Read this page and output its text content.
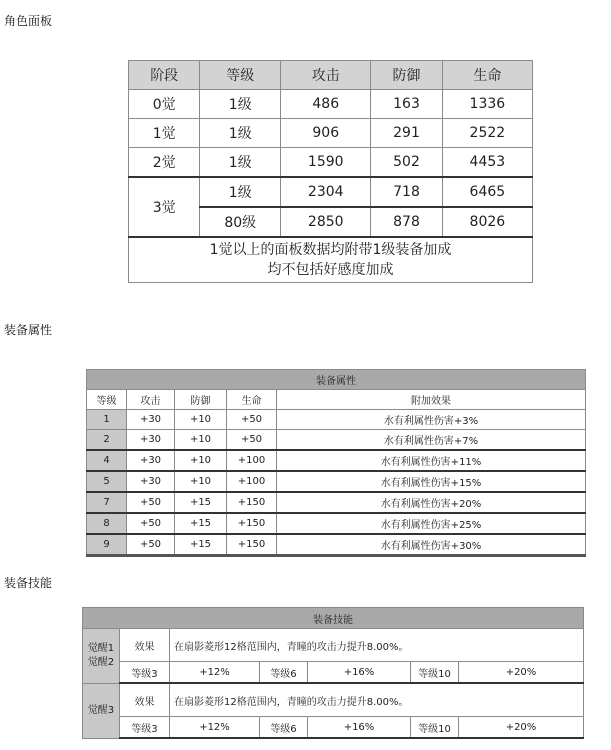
角色面板
阶段	等级	攻击	防御	生命
0觉	1级	486	163	1336
1觉	1级	906	291	2522
2觉	1级	1590	502	4453
3觉	1级	2304	718	6465
	80级	2850	878	8026

1觉以上的面板数据均附带1级装备加成
均不包括好感度加成				
装备属性
装备属性				
等级	攻击	防御	生命	附加效果
1	+30	+10	+50	水有利属性伤害+3%
2	+30	+10	+50	水有利属性伤害+7%
4	+30	+10	+100	水有利属性伤害+11%
5	+30	+10	+100	水有利属性伤害+15%
7	+50	+15	+150	水有利属性伤害+20%
8	+50	+15	+150	水有利属性伤害+25%
9	+50	+15	+150	水有利属性伤害+30%
装备技能
装备技能						

觉醒1
觉醒2	效果	在扇影菱形12格范围内，青瞳的攻击力提升8.00%。				
	等级3	+12%	等级6	+16%	等级10	+20%

觉醒3	效果	在扇影菱形12格范围内，青瞳的攻击力提升8.00%。				
	等级3	+12%	等级6	+16%	等级10	+20%
